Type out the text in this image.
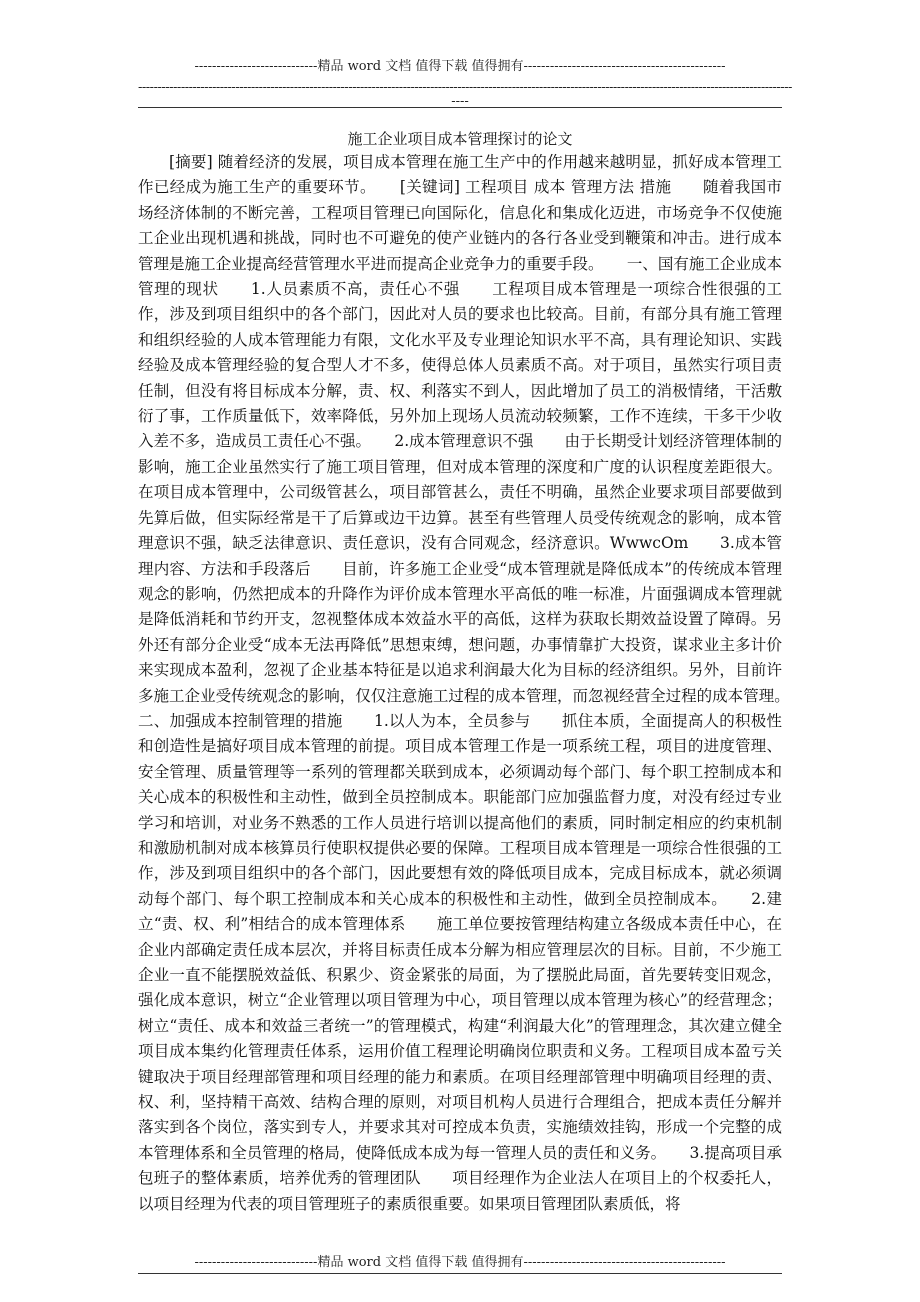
----------------------------精品 word 文档 值得下载 值得拥有----------------------------------------------
------------------------------------------------------------------------------------------------------------------------------------------------------------------------
----
施工企业项目成本管理探讨的论文
[摘要] 随着经济的发展，项目成本管理在施工生产中的作用越来越明显，抓好成本管理工作已经成为施工生产的重要环节。　　[关键词] 工程项目 成本 管理方法 措施　　随着我国市场经济体制的不断完善，工程项目管理已向国际化，信息化和集成化迈进，市场竞争不仅使施工企业出现机遇和挑战，同时也不可避免的使产业链内的各行各业受到鞭策和冲击。进行成本管理是施工企业提高经营管理水平进而提高企业竞争力的重要手段。　　一、国有施工企业成本管理的现状　　1.人员素质不高，责任心不强　　工程项目成本管理是一项综合性很强的工作，涉及到项目组织中的各个部门，因此对人员的要求也比较高。目前，有部分具有施工管理和组织经验的人成本管理能力有限，文化水平及专业理论知识水平不高，具有理论知识、实践经验及成本管理经验的复合型人才不多，使得总体人员素质不高。对于项目，虽然实行项目责任制，但没有将目标成本分解，责、权、利落实不到人，因此增加了员工的消极情绪，干活敷衍了事，工作质量低下，效率降低，另外加上现场人员流动较频繁，工作不连续，干多干少收入差不多，造成员工责任心不强。　　2.成本管理意识不强　　由于长期受计划经济管理体制的影响，施工企业虽然实行了施工项目管理，但对成本管理的深度和广度的认识程度差距很大。在项目成本管理中，公司级管甚么，项目部管甚么，责任不明确，虽然企业要求项目部要做到先算后做，但实际经常是干了后算或边干边算。甚至有些管理人员受传统观念的影响，成本管理意识不强，缺乏法律意识、责任意识，没有合同观念，经济意识。WwwcOm　　3.成本管理内容、方法和手段落后　　目前，许多施工企业受“成本管理就是降低成本”的传统成本管理观念的影响，仍然把成本的升降作为评价成本管理水平高低的唯一标准，片面强调成本管理就是降低消耗和节约开支，忽视整体成本效益水平的高低，这样为获取长期效益设置了障碍。另外还有部分企业受“成本无法再降低”思想束缚，想问题，办事情靠扩大投资，谋求业主多计价来实现成本盈利，忽视了企业基本特征是以追求利润最大化为目标的经济组织。另外，目前许多施工企业受传统观念的影响，仅仅注意施工过程的成本管理，而忽视经营全过程的成本管理。　　二、加强成本控制管理的措施　　1.以人为本，全员参与　　抓住本质，全面提高人的积极性和创造性是搞好项目成本管理的前提。项目成本管理工作是一项系统工程，项目的进度管理、安全管理、质量管理等一系列的管理都关联到成本，必须调动每个部门、每个职工控制成本和关心成本的积极性和主动性，做到全员控制成本。职能部门应加强监督力度，对没有经过专业学习和培训，对业务不熟悉的工作人员进行培训以提高他们的素质，同时制定相应的约束机制和激励机制对成本核算员行使职权提供必要的保障。工程项目成本管理是一项综合性很强的工作，涉及到项目组织中的各个部门，因此要想有效的降低项目成本，完成目标成本，就必须调动每个部门、每个职工控制成本和关心成本的积极性和主动性，做到全员控制成本。　　2.建立“责、权、利”相结合的成本管理体系　　施工单位要按管理结构建立各级成本责任中心，在企业内部确定责任成本层次，并将目标责任成本分解为相应管理层次的目标。目前，不少施工企业一直不能摆脱效益低、积累少、资金紧张的局面，为了摆脱此局面，首先要转变旧观念，强化成本意识，树立“企业管理以项目管理为中心，项目管理以成本管理为核心”的经营理念；树立“责任、成本和效益三者统一”的管理模式，构建“利润最大化”的管理理念，其次建立健全项目成本集约化管理责任体系，运用价值工程理论明确岗位职责和义务。工程项目成本盈亏关键取决于项目经理部管理和项目经理的能力和素质。在项目经理部管理中明确项目经理的责、权、利，坚持精干高效、结构合理的原则，对项目机构人员进行合理组合，把成本责任分解并落实到各个岗位，落实到专人，并要求其对可控成本负责，实施绩效挂钩，形成一个完整的成本管理体系和全员管理的格局，使降低成本成为每一管理人员的责任和义务。　　3.提高项目承包班子的整体素质，培养优秀的管理团队　　项目经理作为企业法人在项目上的个权委托人，以项目经理为代表的项目管理班子的素质很重要。如果项目管理团队素质低，将
----------------------------精品 word 文档 值得下载 值得拥有----------------------------------------------
